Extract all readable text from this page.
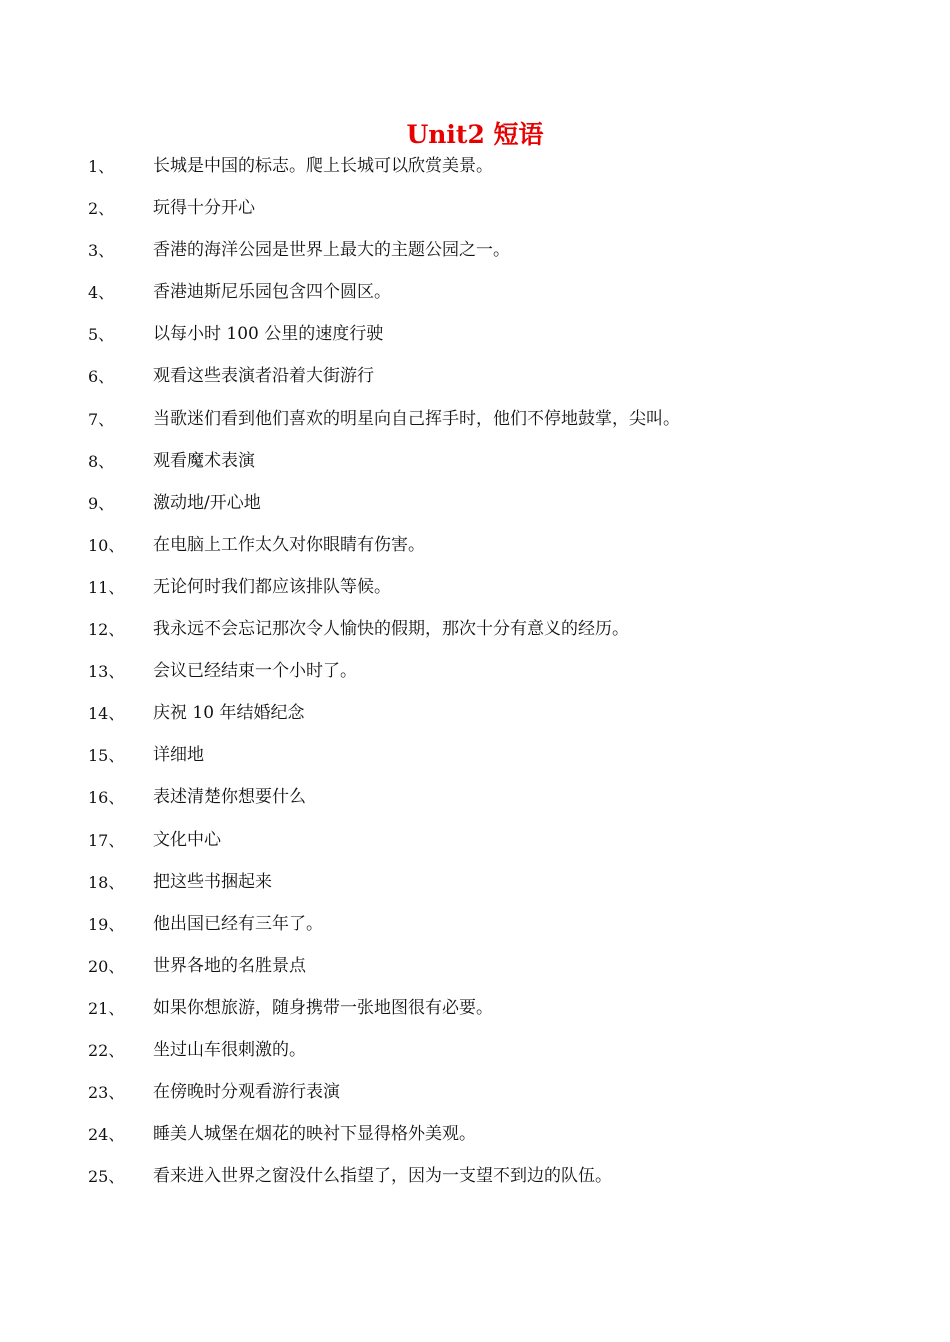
Unit2 短语
1、 长城是中国的标志。爬上长城可以欣赏美景。
2、 玩得十分开心
3、 香港的海洋公园是世界上最大的主题公园之一。
4、 香港迪斯尼乐园包含四个圆区。
5、 以每小时 100 公里的速度行驶
6、 观看这些表演者沿着大街游行
7、 当歌迷们看到他们喜欢的明星向自己挥手时，他们不停地鼓掌，尖叫。
8、 观看魔术表演
9、 激动地/开心地
10、 在电脑上工作太久对你眼睛有伤害。
11、 无论何时我们都应该排队等候。
12、 我永远不会忘记那次令人愉快的假期，那次十分有意义的经历。
13、 会议已经结束一个小时了。
14、 庆祝 10 年结婚纪念
15、 详细地
16、 表述清楚你想要什么
17、 文化中心
18、 把这些书捆起来
19、 他出国已经有三年了。
20、 世界各地的名胜景点
21、 如果你想旅游，随身携带一张地图很有必要。
22、 坐过山车很刺激的。
23、 在傍晚时分观看游行表演
24、 睡美人城堡在烟花的映衬下显得格外美观。
25、 看来进入世界之窗没什么指望了，因为一支望不到边的队伍。
